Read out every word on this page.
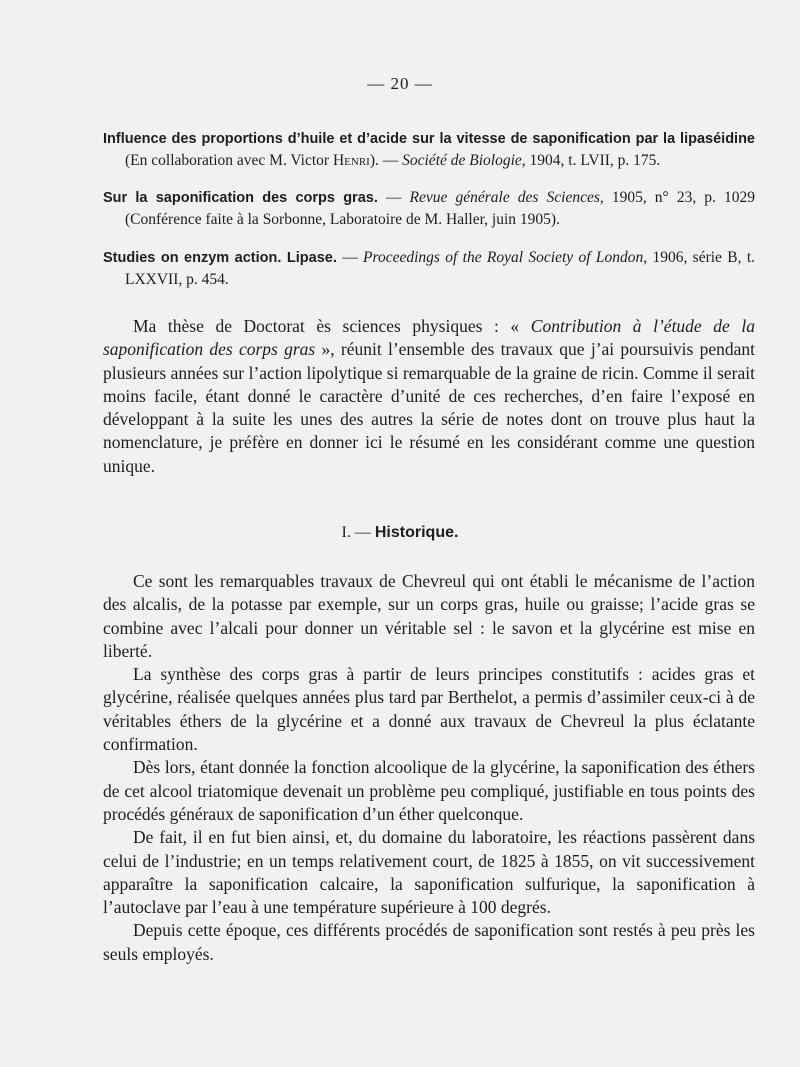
— 20 —

Influence des proportions d’huile et d’acide sur la vitesse de saponification par la lipaséidine (En collaboration avec M. Victor Henri). — Société de Biologie, 1904, t. LVII, p. 175.

Sur la saponification des corps gras. — Revue générale des Sciences, 1905, n° 23, p. 1029 (Conférence faite à la Sorbonne, Laboratoire de M. Haller, juin 1905).

Studies on enzym action. Lipase. — Proceedings of the Royal Society of London, 1906, série B, t. LXXVII, p. 454.

Ma thèse de Doctorat ès sciences physiques : « Contribution à l’étude de la saponification des corps gras », réunit l’ensemble des travaux que j’ai poursuivis pendant plusieurs années sur l’action lipolytique si remarquable de la graine de ricin. Comme il serait moins facile, étant donné le caractère d’unité de ces recherches, d’en faire l’exposé en développant à la suite les unes des autres la série de notes dont on trouve plus haut la nomenclature, je préfère en donner ici le résumé en les considérant comme une question unique.

I. — Historique.

Ce sont les remarquables travaux de Chevreul qui ont établi le mécanisme de l’action des alcalis, de la potasse par exemple, sur un corps gras, huile ou graisse; l’acide gras se combine avec l’alcali pour donner un véritable sel : le savon et la glycérine est mise en liberté.

La synthèse des corps gras à partir de leurs principes constitutifs : acides gras et glycérine, réalisée quelques années plus tard par Berthelot, a permis d’assimiler ceux-ci à de véritables éthers de la glycérine et a donné aux travaux de Chevreul la plus éclatante confirmation.

Dès lors, étant donnée la fonction alcoolique de la glycérine, la saponification des éthers de cet alcool triatomique devenait un problème peu compliqué, justifiable en tous points des procédés généraux de saponification d’un éther quelconque.

De fait, il en fut bien ainsi, et, du domaine du laboratoire, les réactions passèrent dans celui de l’industrie; en un temps relativement court, de 1825 à 1855, on vit successivement apparaître la saponification calcaire, la saponification sulfurique, la saponification à l’autoclave par l’eau à une température supérieure à 100 degrés.

Depuis cette époque, ces différents procédés de saponification sont restés à peu près les seuls employés.
